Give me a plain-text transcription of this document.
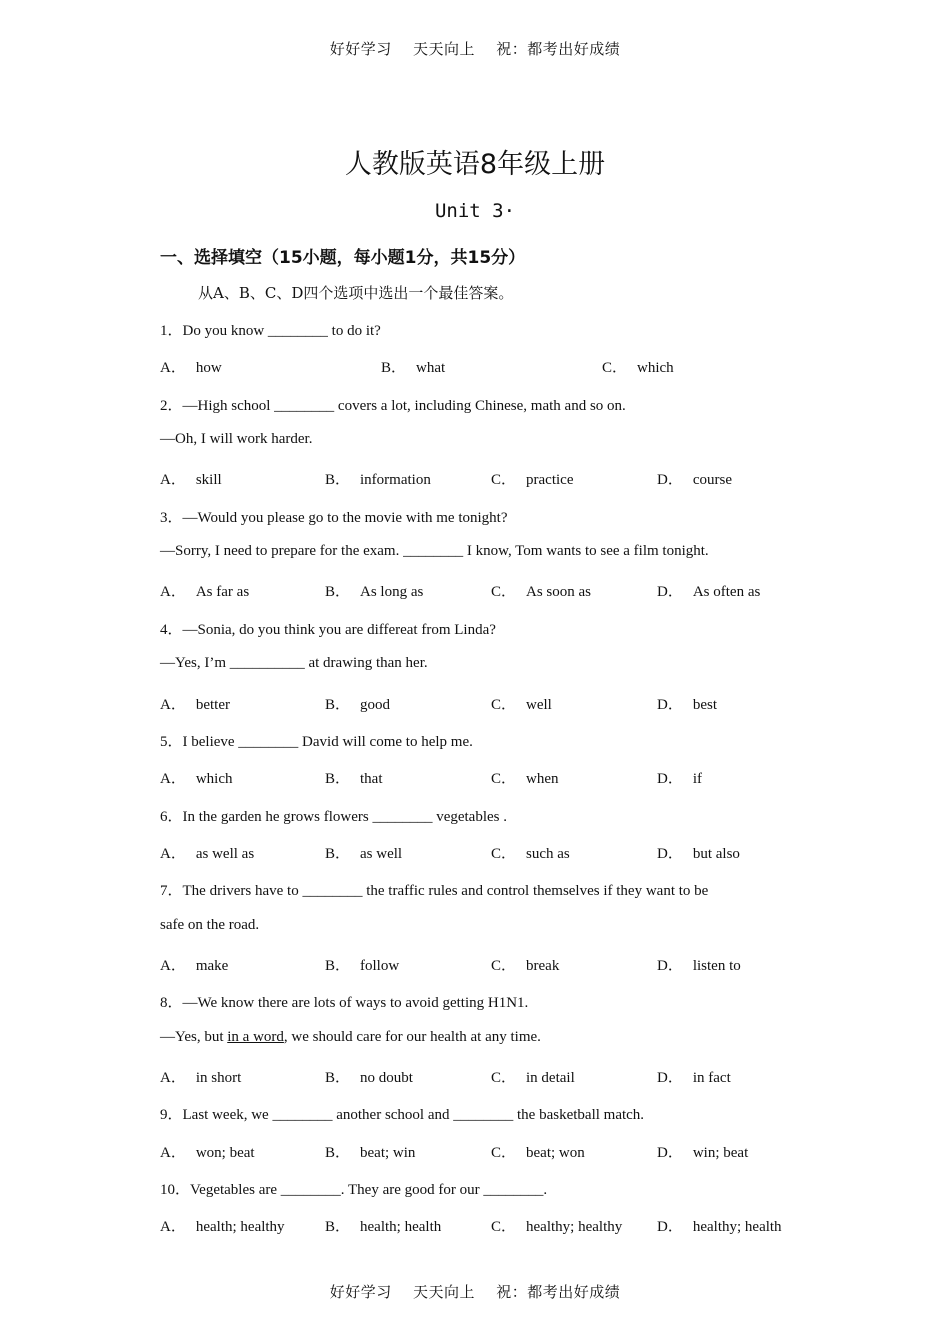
好好学习 天天向上 祝：都考出好成绩
人教版英语8年级上册
Unit 3·
一、选择填空（15小题，每小题1分，共15分）
从A、B、C、D四个选项中选出一个最佳答案。
1．Do you know ________ to do it?
A． how	B． what	C． which
2．—High school ________ covers a lot, including Chinese, math and so on.
—Oh, I will work harder.
A． skill	B． information	C． practice	D． course
3．—Would you please go to the movie with me tonight?
—Sorry, I need to prepare for the exam. ________ I know, Tom wants to see a film tonight.
A． As far as	B． As long as	C． As soon as	D． As often as
4．—Sonia, do you think you are differeat from Linda?
—Yes, I’m __________ at drawing than her.
A． better	B． good	C． well	D． best
5．I believe ________ David will come to help me.
A． which	B． that	C． when	D． if
6．In the garden he grows flowers ________ vegetables .
A． as well as	B． as well	C． such as	D． but also
7．The drivers have to ________ the traffic rules and control themselves if they want to be
safe on the road.
A． make	B． follow	C． break	D． listen to
8．—We know there are lots of ways to avoid getting H1N1.
—Yes, but in a word, we should care for our health at any time.
A． in short	B． no doubt	C． in detail	D． in fact
9．Last week, we ________ another school and ________ the basketball match.
A． won; beat	B． beat; win	C． beat; won	D． win; beat
10．Vegetables are ________. They are good for our ________.
A． health; healthy	B． health; health	C． healthy; healthy D． healthy; health
好好学习 天天向上 祝：都考出好成绩
